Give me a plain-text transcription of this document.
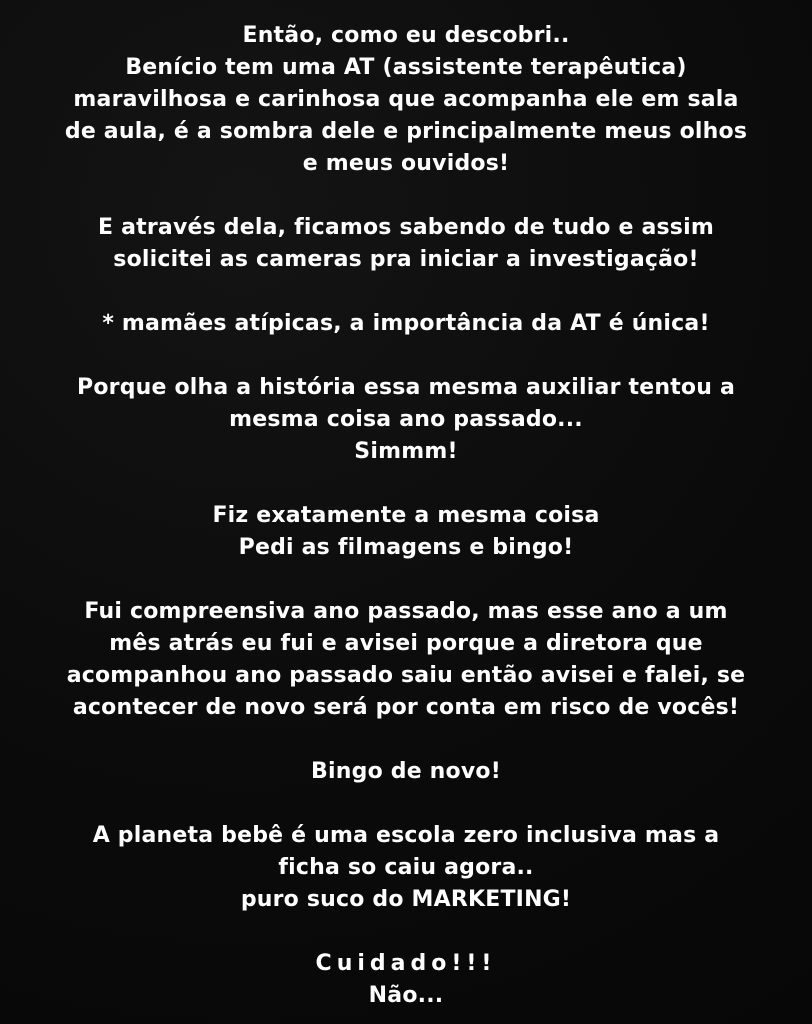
Então, como eu descobri..
Benício tem uma AT (assistente terapêutica)
maravilhosa e carinhosa que acompanha ele em sala
de aula, é a sombra dele e principalmente meus olhos
e meus ouvidos!
E através dela, ficamos sabendo de tudo e assim
solicitei as cameras pra iniciar a investigação!
* mamães atípicas, a importância da AT é única!
Porque olha a história essa mesma auxiliar tentou a
mesma coisa ano passado...
Simmm!
Fiz exatamente a mesma coisa
Pedi as filmagens e bingo!
Fui compreensiva ano passado, mas esse ano a um
mês atrás eu fui e avisei porque a diretora que
acompanhou ano passado saiu então avisei e falei, se
acontecer de novo será por conta em risco de vocês!
Bingo de novo!
A planeta bebê é uma escola zero inclusiva mas a
ficha so caiu agora..
puro suco do MARKETING!
Cuidado!!!
Não...
